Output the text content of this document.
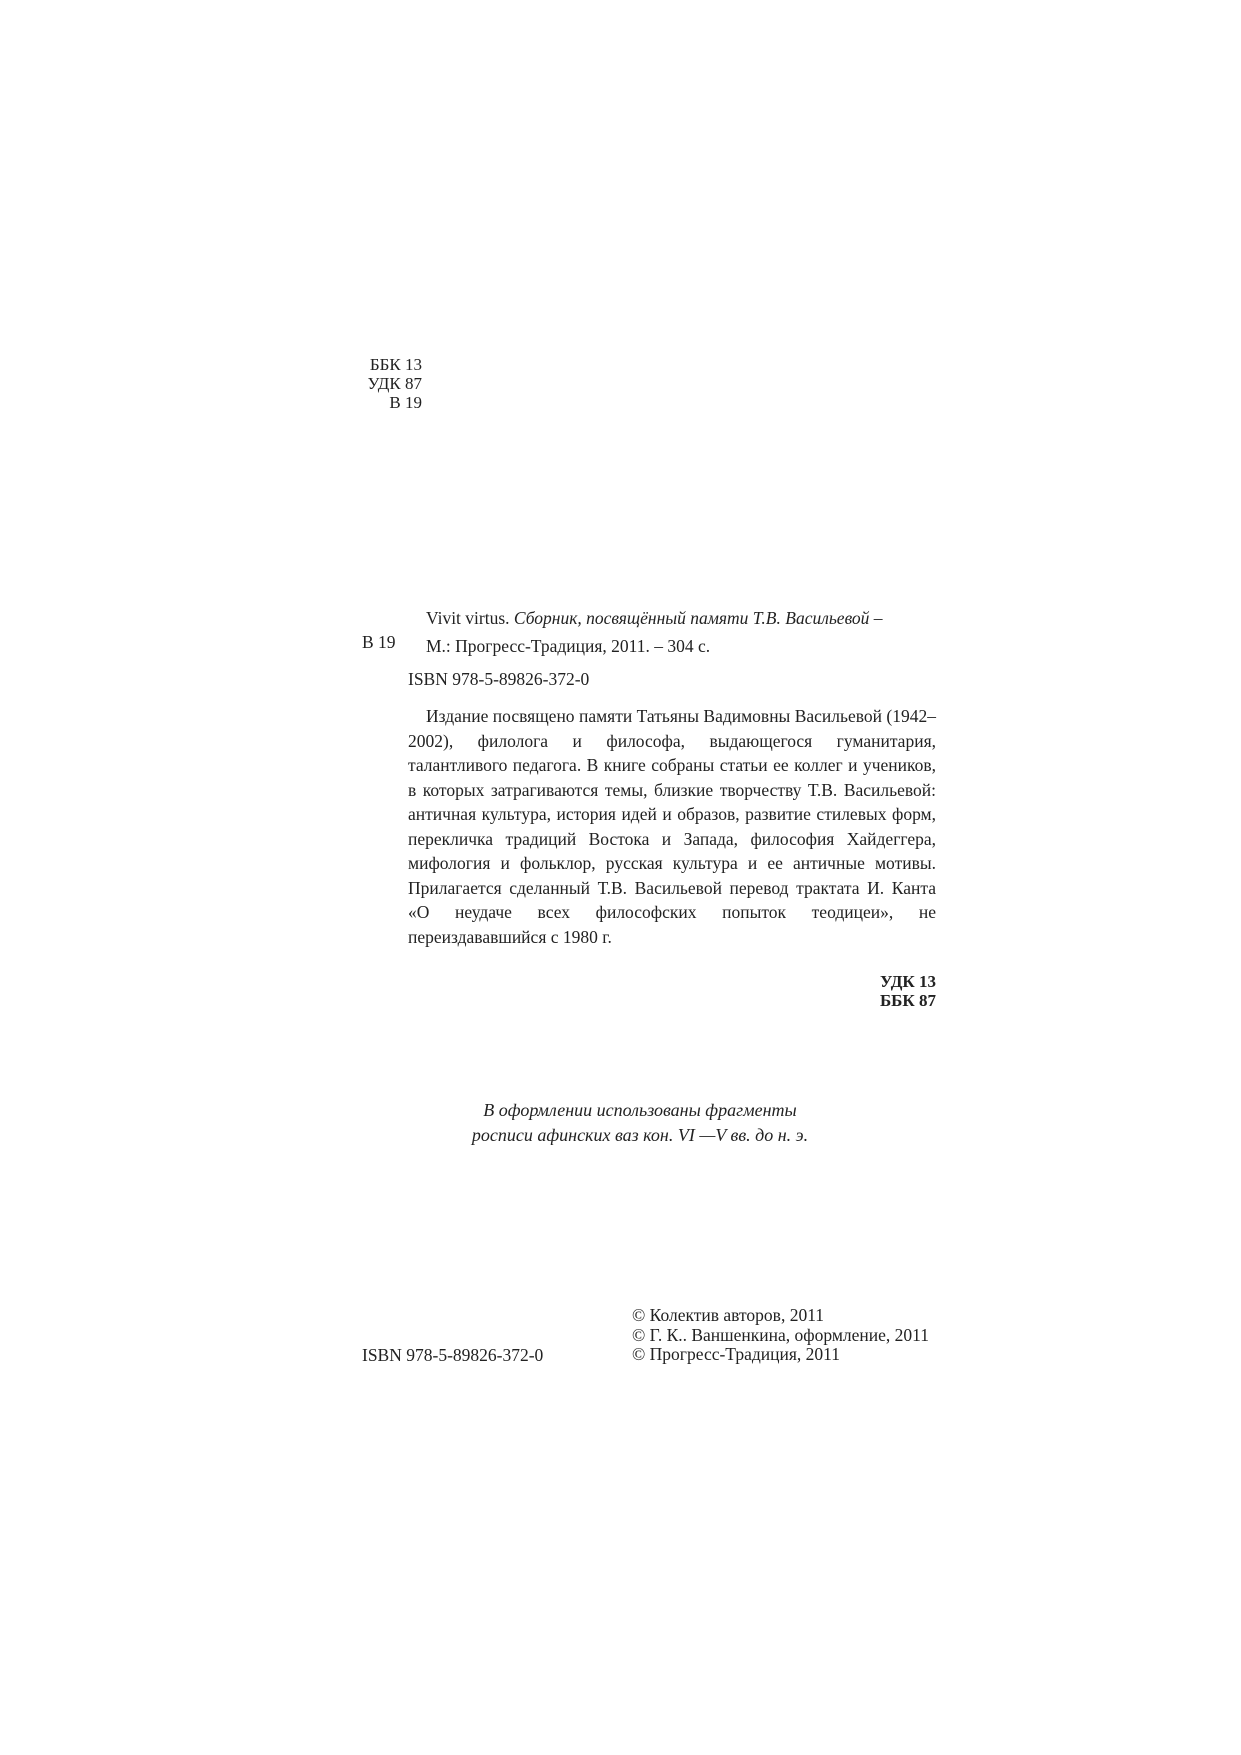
ББК 13
УДК 87
В 19
В 19
Vivit virtus. Сборник, посвящённый памяти Т.В. Васильевой –
М.: Прогресс-Традиция, 2011. – 304 с.
ISBN 978-5-89826-372-0

Издание посвящено памяти Татьяны Вадимовны Васильевой (1942–2002), филолога и философа, выдающегося гуманитария, талантливого педагога. В книге собраны статьи ее коллег и учеников, в которых затрагиваются темы, близкие творчеству Т.В. Васильевой: античная культура, история идей и образов, развитие стилевых форм, перекличка традиций Востока и Запада, философия Хайдеггера, мифология и фольклор, русская культура и ее античные мотивы. Прилагается сделанный Т.В. Васильевой перевод трактата И. Канта «О неудаче всех философских попыток теодицеи», не переиздававшийся с 1980 г.

УДК 13
ББК 87
В оформлении использованы фрагменты
росписи афинских ваз кон. VI —V вв. до н. э.
© Колектив авторов, 2011
© Г. К.. Ваншенкина, оформление, 2011
© Прогресс-Традиция, 2011
ISBN 978-5-89826-372-0
